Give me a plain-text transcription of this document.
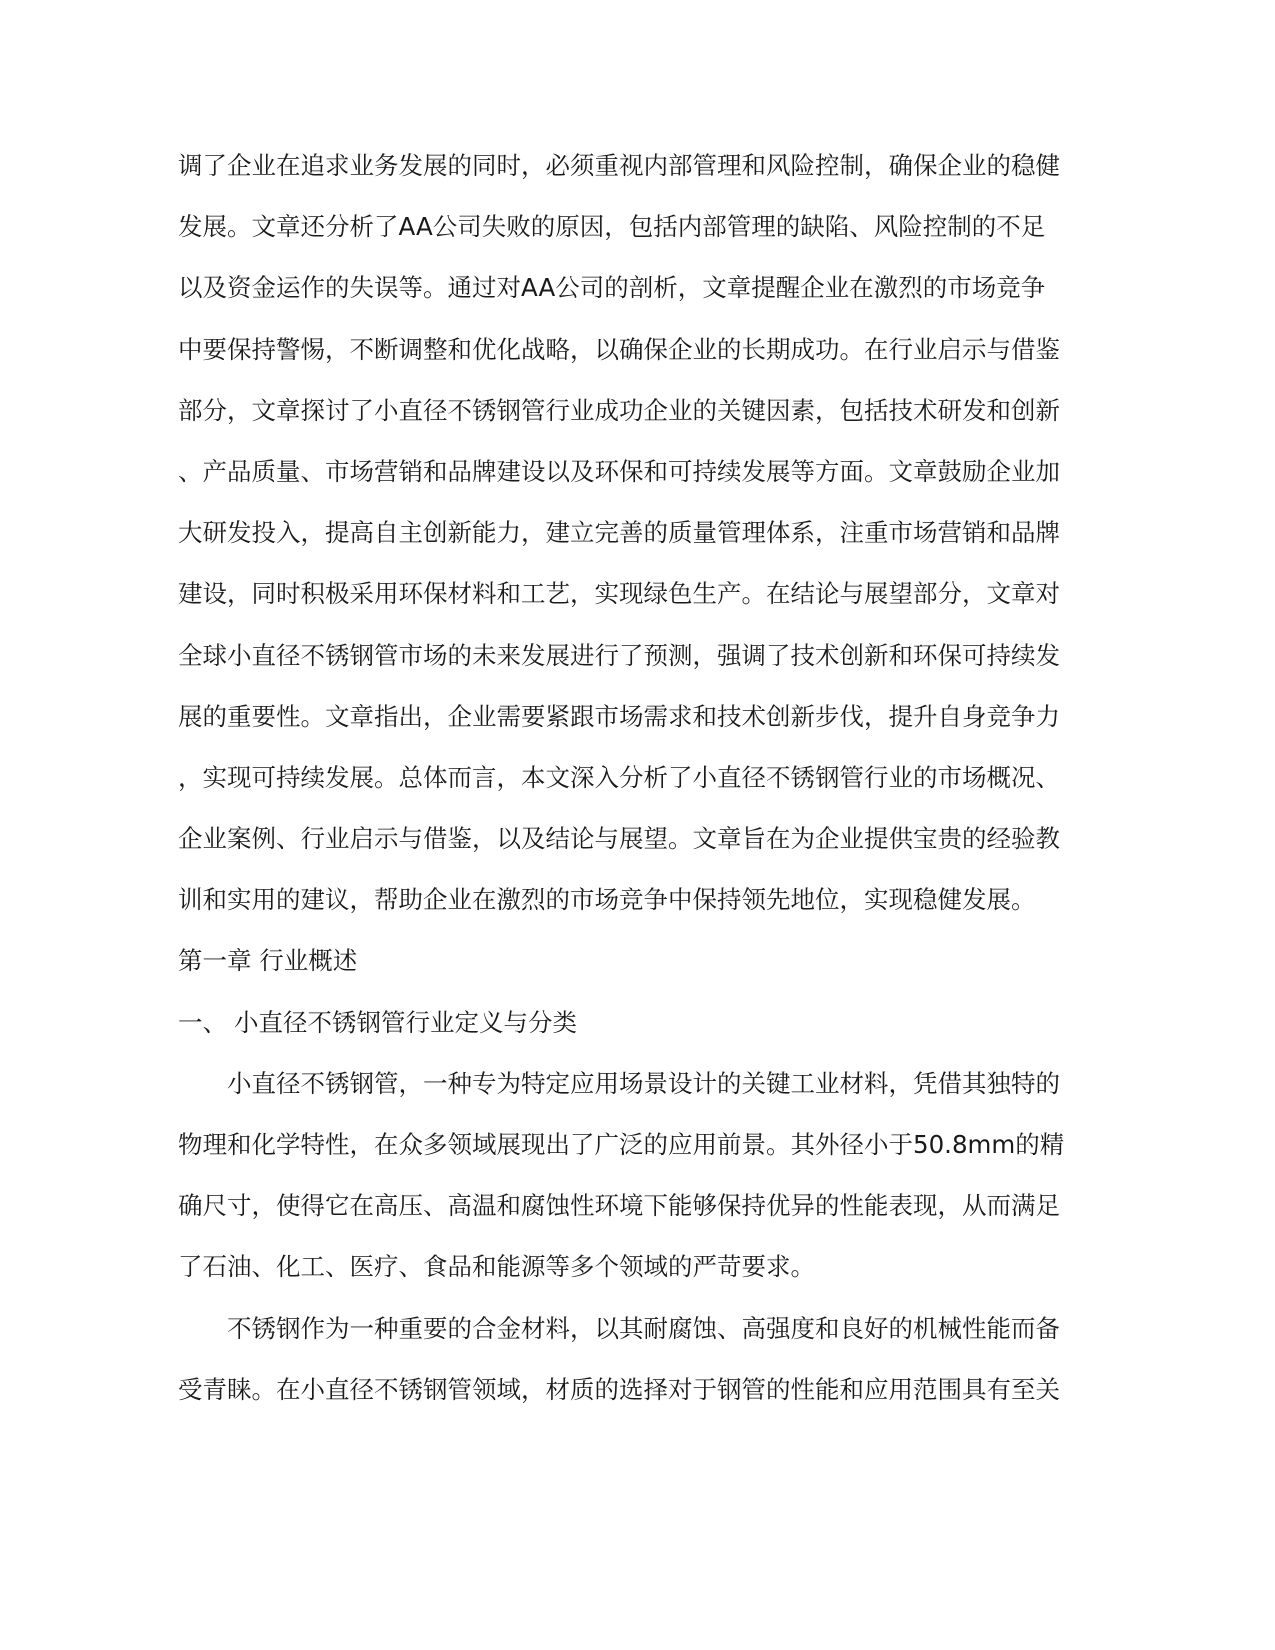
调了企业在追求业务发展的同时，必须重视内部管理和风险控制，确保企业的稳健
发展。文章还分析了AA公司失败的原因，包括内部管理的缺陷、风险控制的不足
以及资金运作的失误等。通过对AA公司的剖析，文章提醒企业在激烈的市场竞争
中要保持警惕，不断调整和优化战略，以确保企业的长期成功。在行业启示与借鉴
部分，文章探讨了小直径不锈钢管行业成功企业的关键因素，包括技术研发和创新
、产品质量、市场营销和品牌建设以及环保和可持续发展等方面。文章鼓励企业加
大研发投入，提高自主创新能力，建立完善的质量管理体系，注重市场营销和品牌
建设，同时积极采用环保材料和工艺，实现绿色生产。在结论与展望部分，文章对
全球小直径不锈钢管市场的未来发展进行了预测，强调了技术创新和环保可持续发
展的重要性。文章指出，企业需要紧跟市场需求和技术创新步伐，提升自身竞争力
，实现可持续发展。总体而言，本文深入分析了小直径不锈钢管行业的市场概况、
企业案例、行业启示与借鉴，以及结论与展望。文章旨在为企业提供宝贵的经验教
训和实用的建议，帮助企业在激烈的市场竞争中保持领先地位，实现稳健发展。
第一章 行业概述
一、 小直径不锈钢管行业定义与分类
小直径不锈钢管，一种专为特定应用场景设计的关键工业材料，凭借其独特的
物理和化学特性，在众多领域展现出了广泛的应用前景。其外径小于50.8mm的精
确尺寸，使得它在高压、高温和腐蚀性环境下能够保持优异的性能表现，从而满足
了石油、化工、医疗、食品和能源等多个领域的严苛要求。
不锈钢作为一种重要的合金材料，以其耐腐蚀、高强度和良好的机械性能而备
受青睐。在小直径不锈钢管领域，材质的选择对于钢管的性能和应用范围具有至关
